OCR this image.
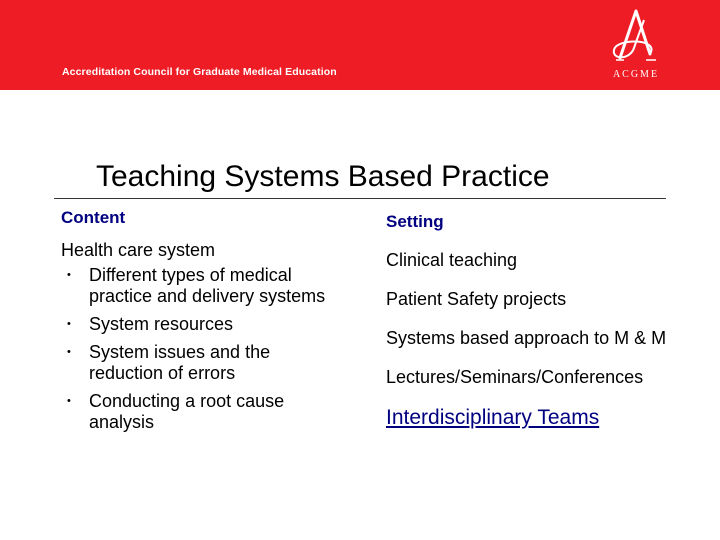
Accreditation Council for Graduate Medical Education	ACGME
Teaching Systems Based Practice
Content	Setting
Health care system
• Different types of medical practice and delivery systems
• System resources
• System issues and the reduction of errors
• Conducting a root cause analysis
Clinical teaching
Patient Safety projects
Systems based approach to M & M
Lectures/Seminars/Conferences
Interdisciplinary Teams
